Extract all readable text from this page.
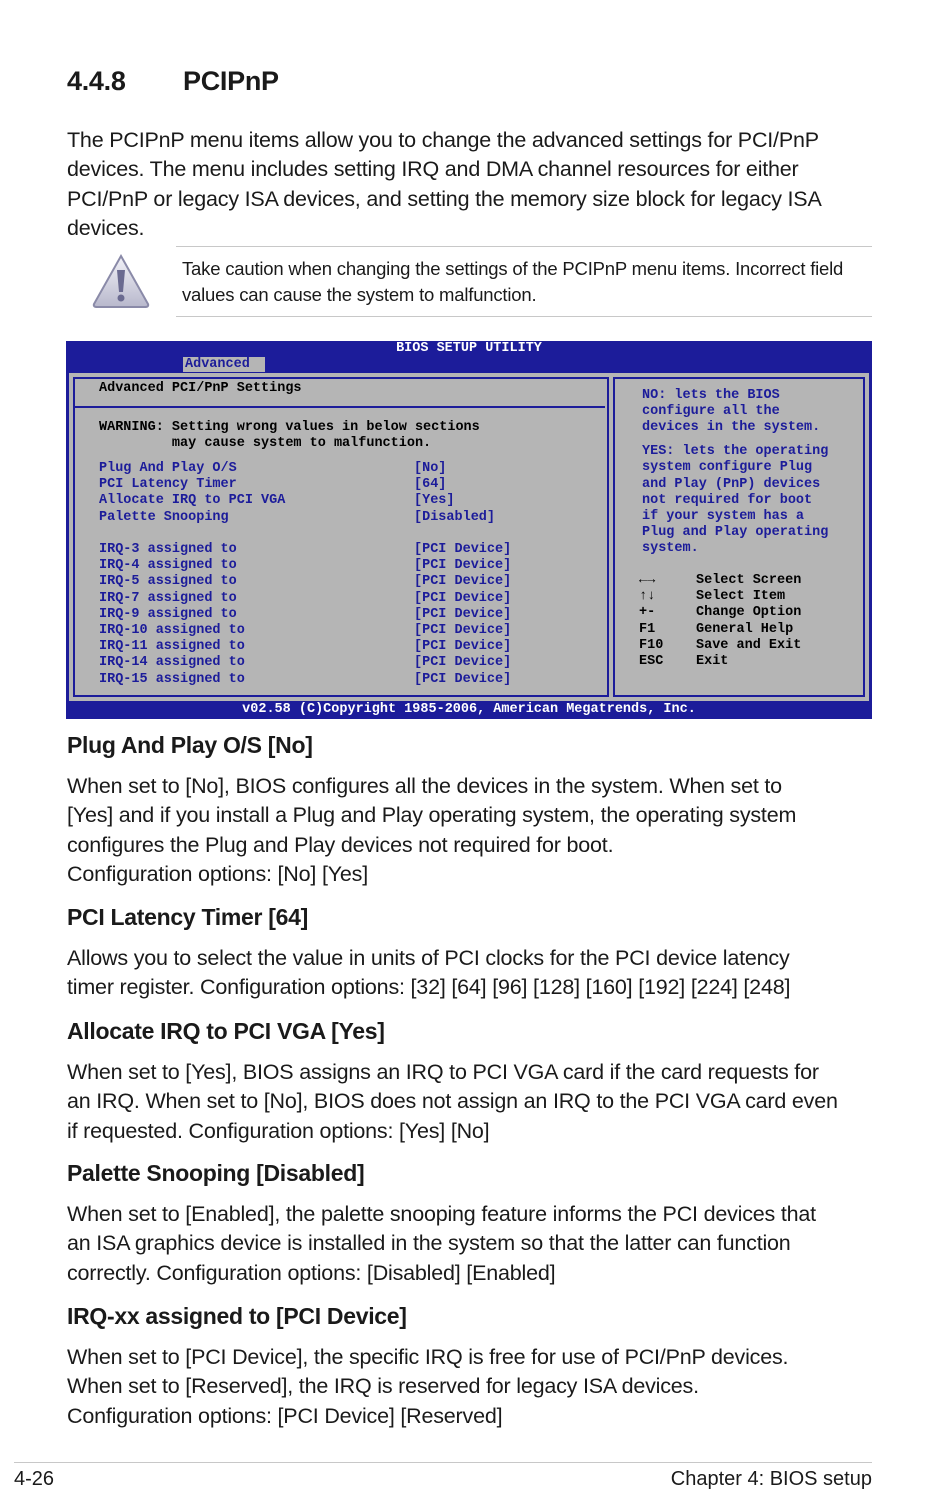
4.4.8 PCIPnP

The PCIPnP menu items allow you to change the advanced settings for PCI/PnP devices. The menu includes setting IRQ and DMA channel resources for either PCI/PnP or legacy ISA devices, and setting the memory size block for legacy ISA devices.

Take caution when changing the settings of the PCIPnP menu items. Incorrect field values can cause the system to malfunction.

BIOS SETUP UTILITY
Advanced
Advanced PCI/PnP Settings
WARNING: Setting wrong values in below sections
may cause system to malfunction.
Plug And Play O/S	[No]
PCI Latency Timer	[64]
Allocate IRQ to PCI VGA	[Yes]
Palette Snooping	[Disabled]
IRQ-3 assigned to	[PCI Device]
IRQ-4 assigned to	[PCI Device]
IRQ-5 assigned to	[PCI Device]
IRQ-7 assigned to	[PCI Device]
IRQ-9 assigned to	[PCI Device]
IRQ-10 assigned to	[PCI Device]
IRQ-11 assigned to	[PCI Device]
IRQ-14 assigned to	[PCI Device]
IRQ-15 assigned to	[PCI Device]
NO: lets the BIOS
configure all the
devices in the system.
YES: lets the operating
system configure Plug
and Play (PnP) devices
not required for boot
if your system has a
Plug and Play operating
system.
←→	Select Screen
↑↓	Select Item
+-	Change Option
F1	General Help
F10 Save and Exit
ESC Exit
v02.58 (C)Copyright 1985-2006, American Megatrends, Inc.
Plug And Play O/S [No]
When set to [No], BIOS configures all the devices in the system. When set to
[Yes] and if you install a Plug and Play operating system, the operating system
configures the Plug and Play devices not required for boot.
Configuration options: [No] [Yes]
PCI Latency Timer [64]
Allows you to select the value in units of PCI clocks for the PCI device latency
timer register. Configuration options: [32] [64] [96] [128] [160] [192] [224] [248]
Allocate IRQ to PCI VGA [Yes]
When set to [Yes], BIOS assigns an IRQ to PCI VGA card if the card requests for
an IRQ. When set to [No], BIOS does not assign an IRQ to the PCI VGA card even
if requested. Configuration options: [Yes] [No]
Palette Snooping [Disabled]
When set to [Enabled], the palette snooping feature informs the PCI devices that
an ISA graphics device is installed in the system so that the latter can function
correctly. Configuration options: [Disabled] [Enabled]
IRQ-xx assigned to [PCI Device]
When set to [PCI Device], the specific IRQ is free for use of PCI/PnP devices.
When set to [Reserved], the IRQ is reserved for legacy ISA devices.
Configuration options: [PCI Device] [Reserved]
4-26	Chapter 4: BIOS setup
